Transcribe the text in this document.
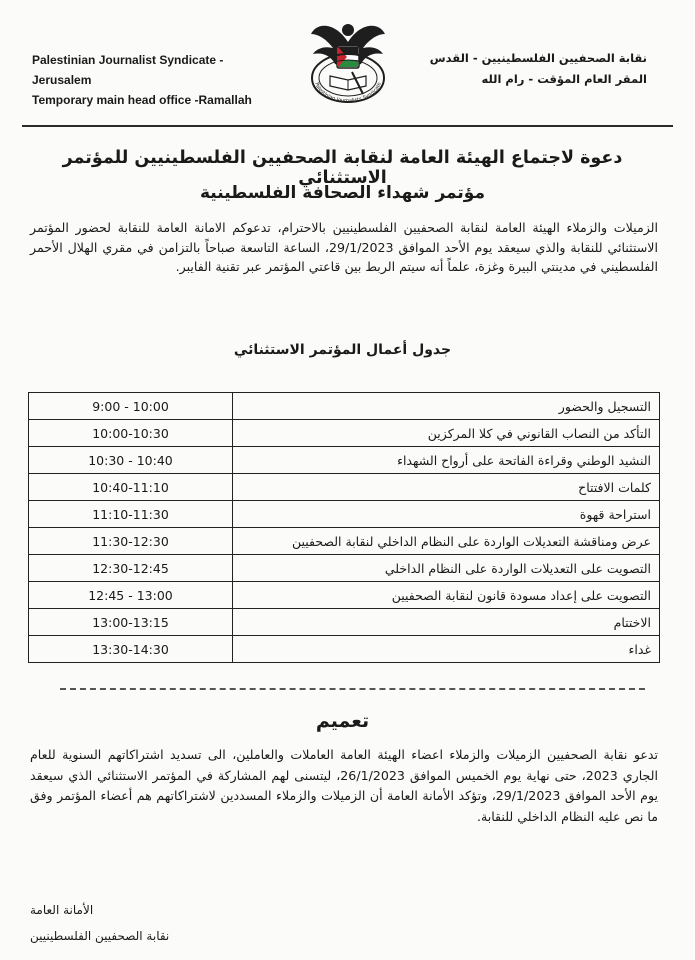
Palestinian Journalist Syndicate - Jerusalem
Temporary main head office -Ramallah
Palestinian Journalists Syndicate
نقابة الصحفيين الفلسطينيين - القدس
المقر العام المؤقت - رام الله
دعوة لاجتماع الهيئة العامة لنقابة الصحفيين الفلسطينيين للمؤتمر الاستثنائي
مؤتمر شهداء الصحافة الفلسطينية
الزميلات والزملاء الهيئة العامة لنقابة الصحفيين الفلسطينيين بالاحترام، تدعوكم الامانة العامة للنقابة لحضور المؤتمر الاستثنائي للنقابة والذي سيعقد يوم الأحد الموافق 29/1/2023، الساعة التاسعة صباحاً بالتزامن في مقري الهلال الأحمر الفلسطيني في مدينتي البيرة وغزة، علماً أنه سيتم الربط بين قاعتي المؤتمر عبر تقنية الفايبر.
جدول أعمال المؤتمر الاستثنائي
9:00 - 10:00	التسجيل والحضور
10:00-10:30	التأكد من النصاب القانوني في كلا المركزين
10:30 - 10:40	النشيد الوطني وقراءة الفاتحة على أرواح الشهداء
10:40-11:10	كلمات الافتتاح
11:10-11:30	استراحة قهوة
11:30-12:30	عرض ومناقشة التعديلات الواردة على النظام الداخلي لنقابة الصحفيين
12:30-12:45	التصويت على التعديلات الواردة على النظام الداخلي
12:45 - 13:00	التصويت على إعداد مسودة قانون لنقابة الصحفيين
13:00-13:15	الاختتام
13:30-14:30	غداء
تعميم
تدعو نقابة الصحفيين الزميلات والزملاء اعضاء الهيئة العامة العاملات والعاملين، الى تسديد اشتراكاتهم السنوية للعام الجاري 2023، حتى نهاية يوم الخميس الموافق 26/1/2023، ليتسنى لهم المشاركة في المؤتمر الاستثنائي الذي سيعقد يوم الأحد الموافق 29/1/2023، وتؤكد الأمانة العامة أن الزميلات والزملاء المسددين لاشتراكاتهم هم أعضاء المؤتمر وفق ما نص عليه النظام الداخلي للنقابة.
الأمانة العامة
نقابة الصحفيين الفلسطينيين
